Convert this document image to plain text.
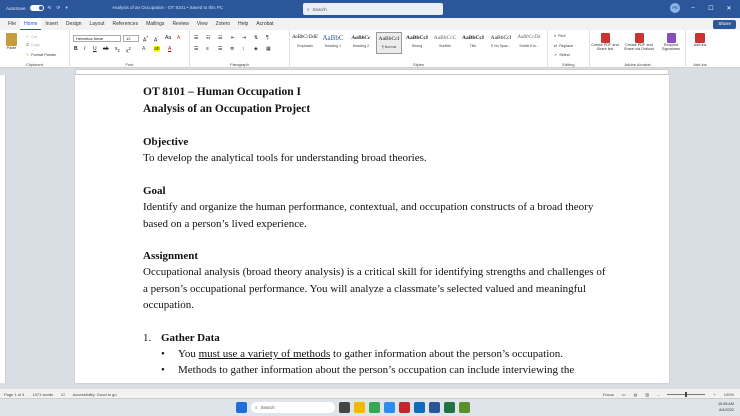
AutoSave	⟲ ⟳ ▾	Analysis of an Occupation - OT 8101 • Saved to this PC	⌕ Search	PB	–	☐	✕
File	Home	Insert	Design	Layout	References	Mailings	Review	View	Zotero	Help	Acrobat	Share
Paste
✂ Cut
⧉ Copy
✎ Format Painter
Clipboard
Helvetica Neue	12	A^
$A^ˇ$ Aa A
B I U ab $x_2$ $x^2$ A ab A
Font
☰ ☷ ☱ ⇤ ⇥ ⇅ ¶
☰ ≡ ☰ ≣ ↕ ◈ ▦
Paragraph
AaBbCcDdE
Emphasis
AaBbC
Heading 1
AaBbCc
Heading 2
AaBbCcI
¶ Normal
AaBbCcI
Strong
AaBbCcC
Subtitle
AaBbCcI
Title
AaBbCcI
¶ No Spac...
AaBbCcDd
Subtle Em...
Styles
⌕ Find
⇄ Replace
➚ Select
Editing
Create PDF and Share link
Create PDF and Share via Outlook
Request Signatures
Adobe Acrobat
Add-ins
Add-ins
OT 8101 – Human Occupation I
Analysis of an Occupation Project
Objective
To develop the analytical tools for understanding broad theories.
Goal
Identify and organize the human performance, contextual, and occupation constructs of a broad theory based on a person’s lived experience.
Assignment
Occupational analysis (broad theory analysis) is a critical skill for identifying strengths and challenges of a person’s occupational performance. You will analyze a classmate’s selected valued and meaningful occupation.
1. Gather Data
•	You must use a variety of methods to gather information about the person’s occupation.
•	Methods to gather information about the person’s occupation can include interviewing the
Page 1 of 4 1071 words ☑ Accessibility: Good to go	Focus ▭ ▤ ▥ –	+ 100%
⌕ Search
10:48 AM
8/4/2022
